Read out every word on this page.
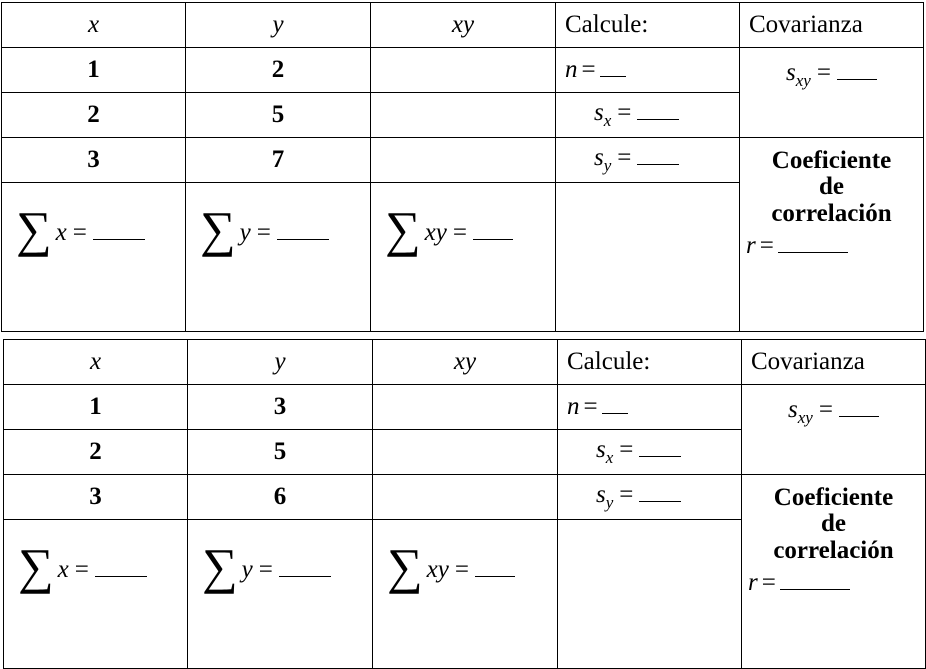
x	y	xy	Calcule:	Covarianza
1	2		n =	$s_{xy}$ =
2	5		$s_x$ =	
3	7		$s_y$ =	Coeficiente
de
correlación
r =

∑ x =	∑ y =	∑ xy =		
x	y	xy	Calcule:	Covarianza
1	3		n =	$s_{xy}$ =
2	5		$s_x$ =	
3	6		$s_y$ =	Coeficiente
de
correlación
r =

∑ x =	∑ y =	∑ xy =		
